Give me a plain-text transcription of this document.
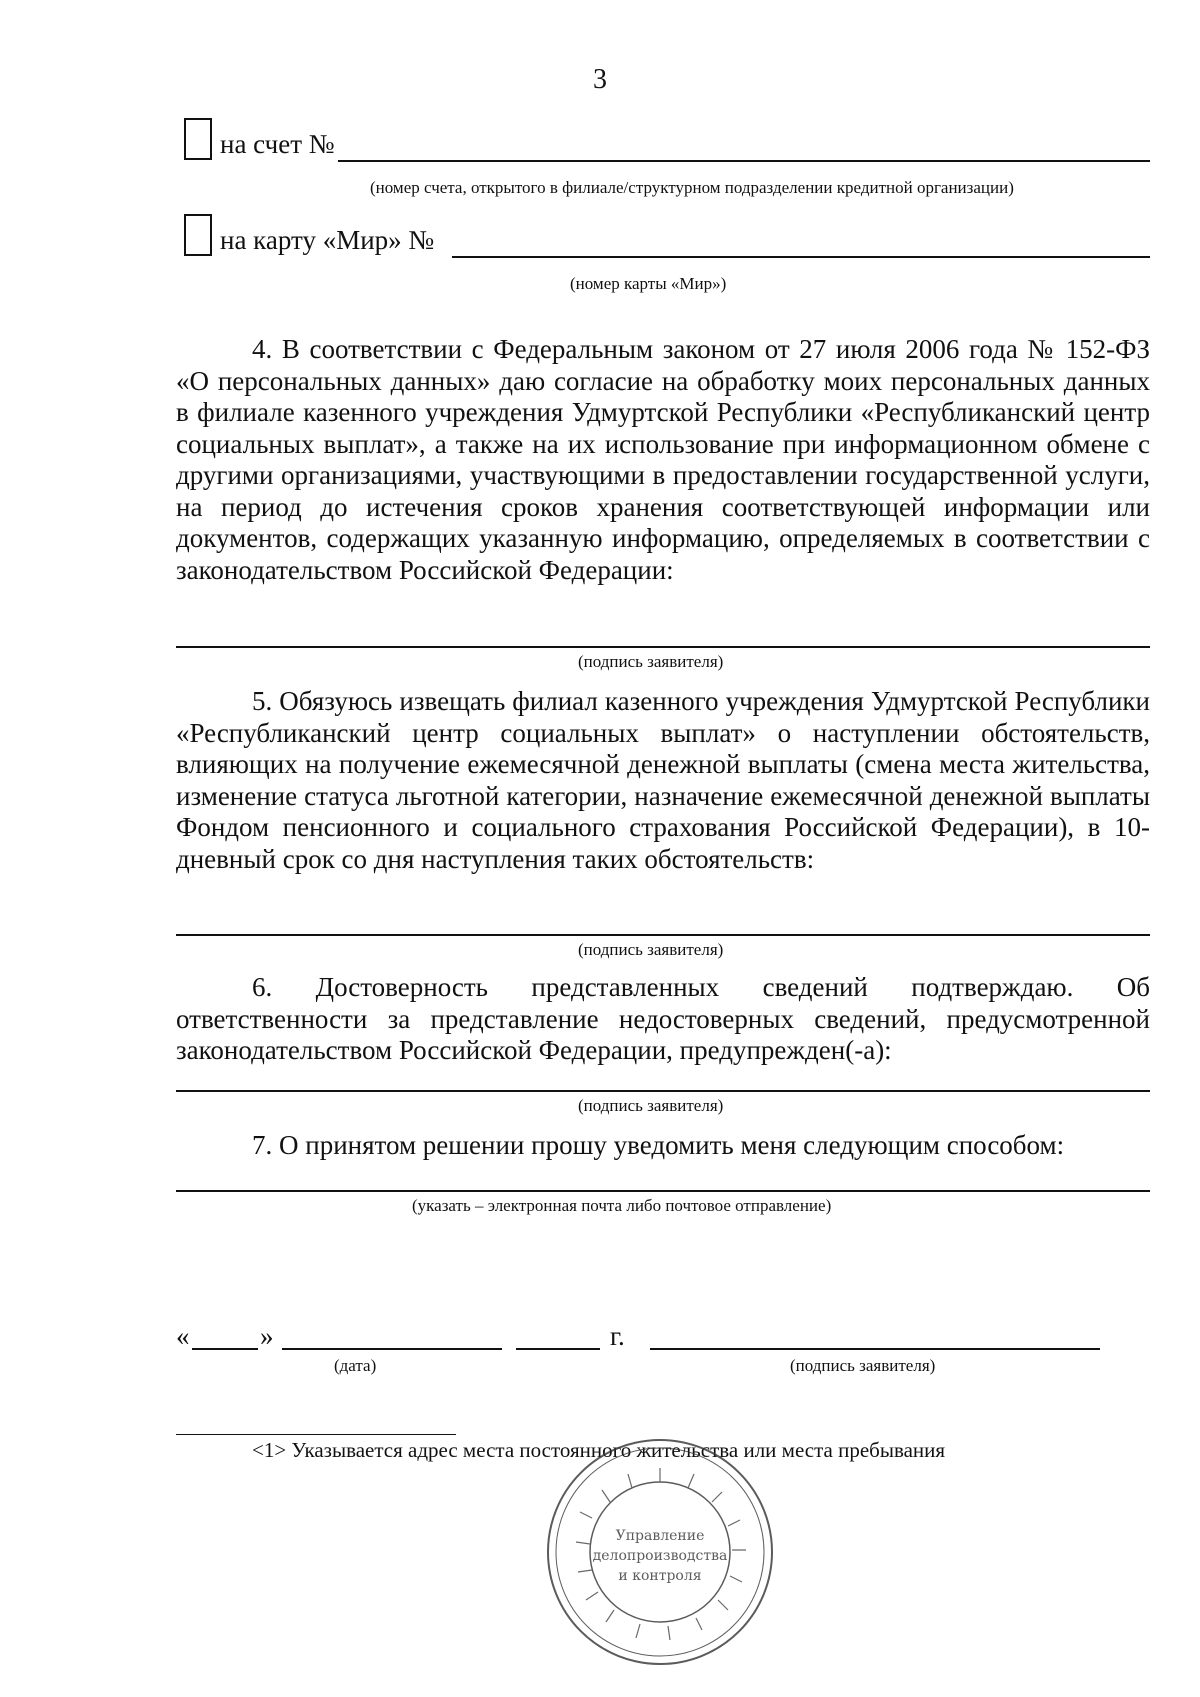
3
на счет №
(номер счета, открытого в филиале/структурном подразделении кредитной организации)
на карту «Мир» №
(номер карты «Мир»)

4. В соответствии с Федеральным законом от 27 июля 2006 года № 152-ФЗ «О персональных данных» даю согласие на обработку моих персональных данных в филиале казенного учреждения Удмуртской Республики «Республиканский центр социальных выплат», а также на их использование при информационном обмене с другими организациями, участвующими в предоставлении государственной услуги, на период до истечения сроков хранения соответствующей информации или документов, содержащих указанную информацию, определяемых в соответствии с законодательством Российской Федерации:

(подпись заявителя)

5. Обязуюсь извещать филиал казенного учреждения Удмуртской Республики «Республиканский центр социальных выплат» о наступлении обстоятельств, влияющих на получение ежемесячной денежной выплаты (смена места жительства, изменение статуса льготной категории, назначение ежемесячной денежной выплаты Фондом пенсионного и социального страхования Российской Федерации), в 10-дневный срок со дня наступления таких обстоятельств:

(подпись заявителя)

6. Достоверность представленных сведений подтверждаю. Об ответственности за представление недостоверных сведений, предусмотренной законодательством Российской Федерации, предупрежден(-а):

(подпись заявителя)

7. О принятом решении прошу уведомить меня следующим способом:

(указать – электронная почта либо почтовое отправление)
«	»	г.
(дата)	(подпись заявителя)
<1> Указывается адрес места постоянного жительства или места пребывания
Управление
делопроизводства
и контроля
